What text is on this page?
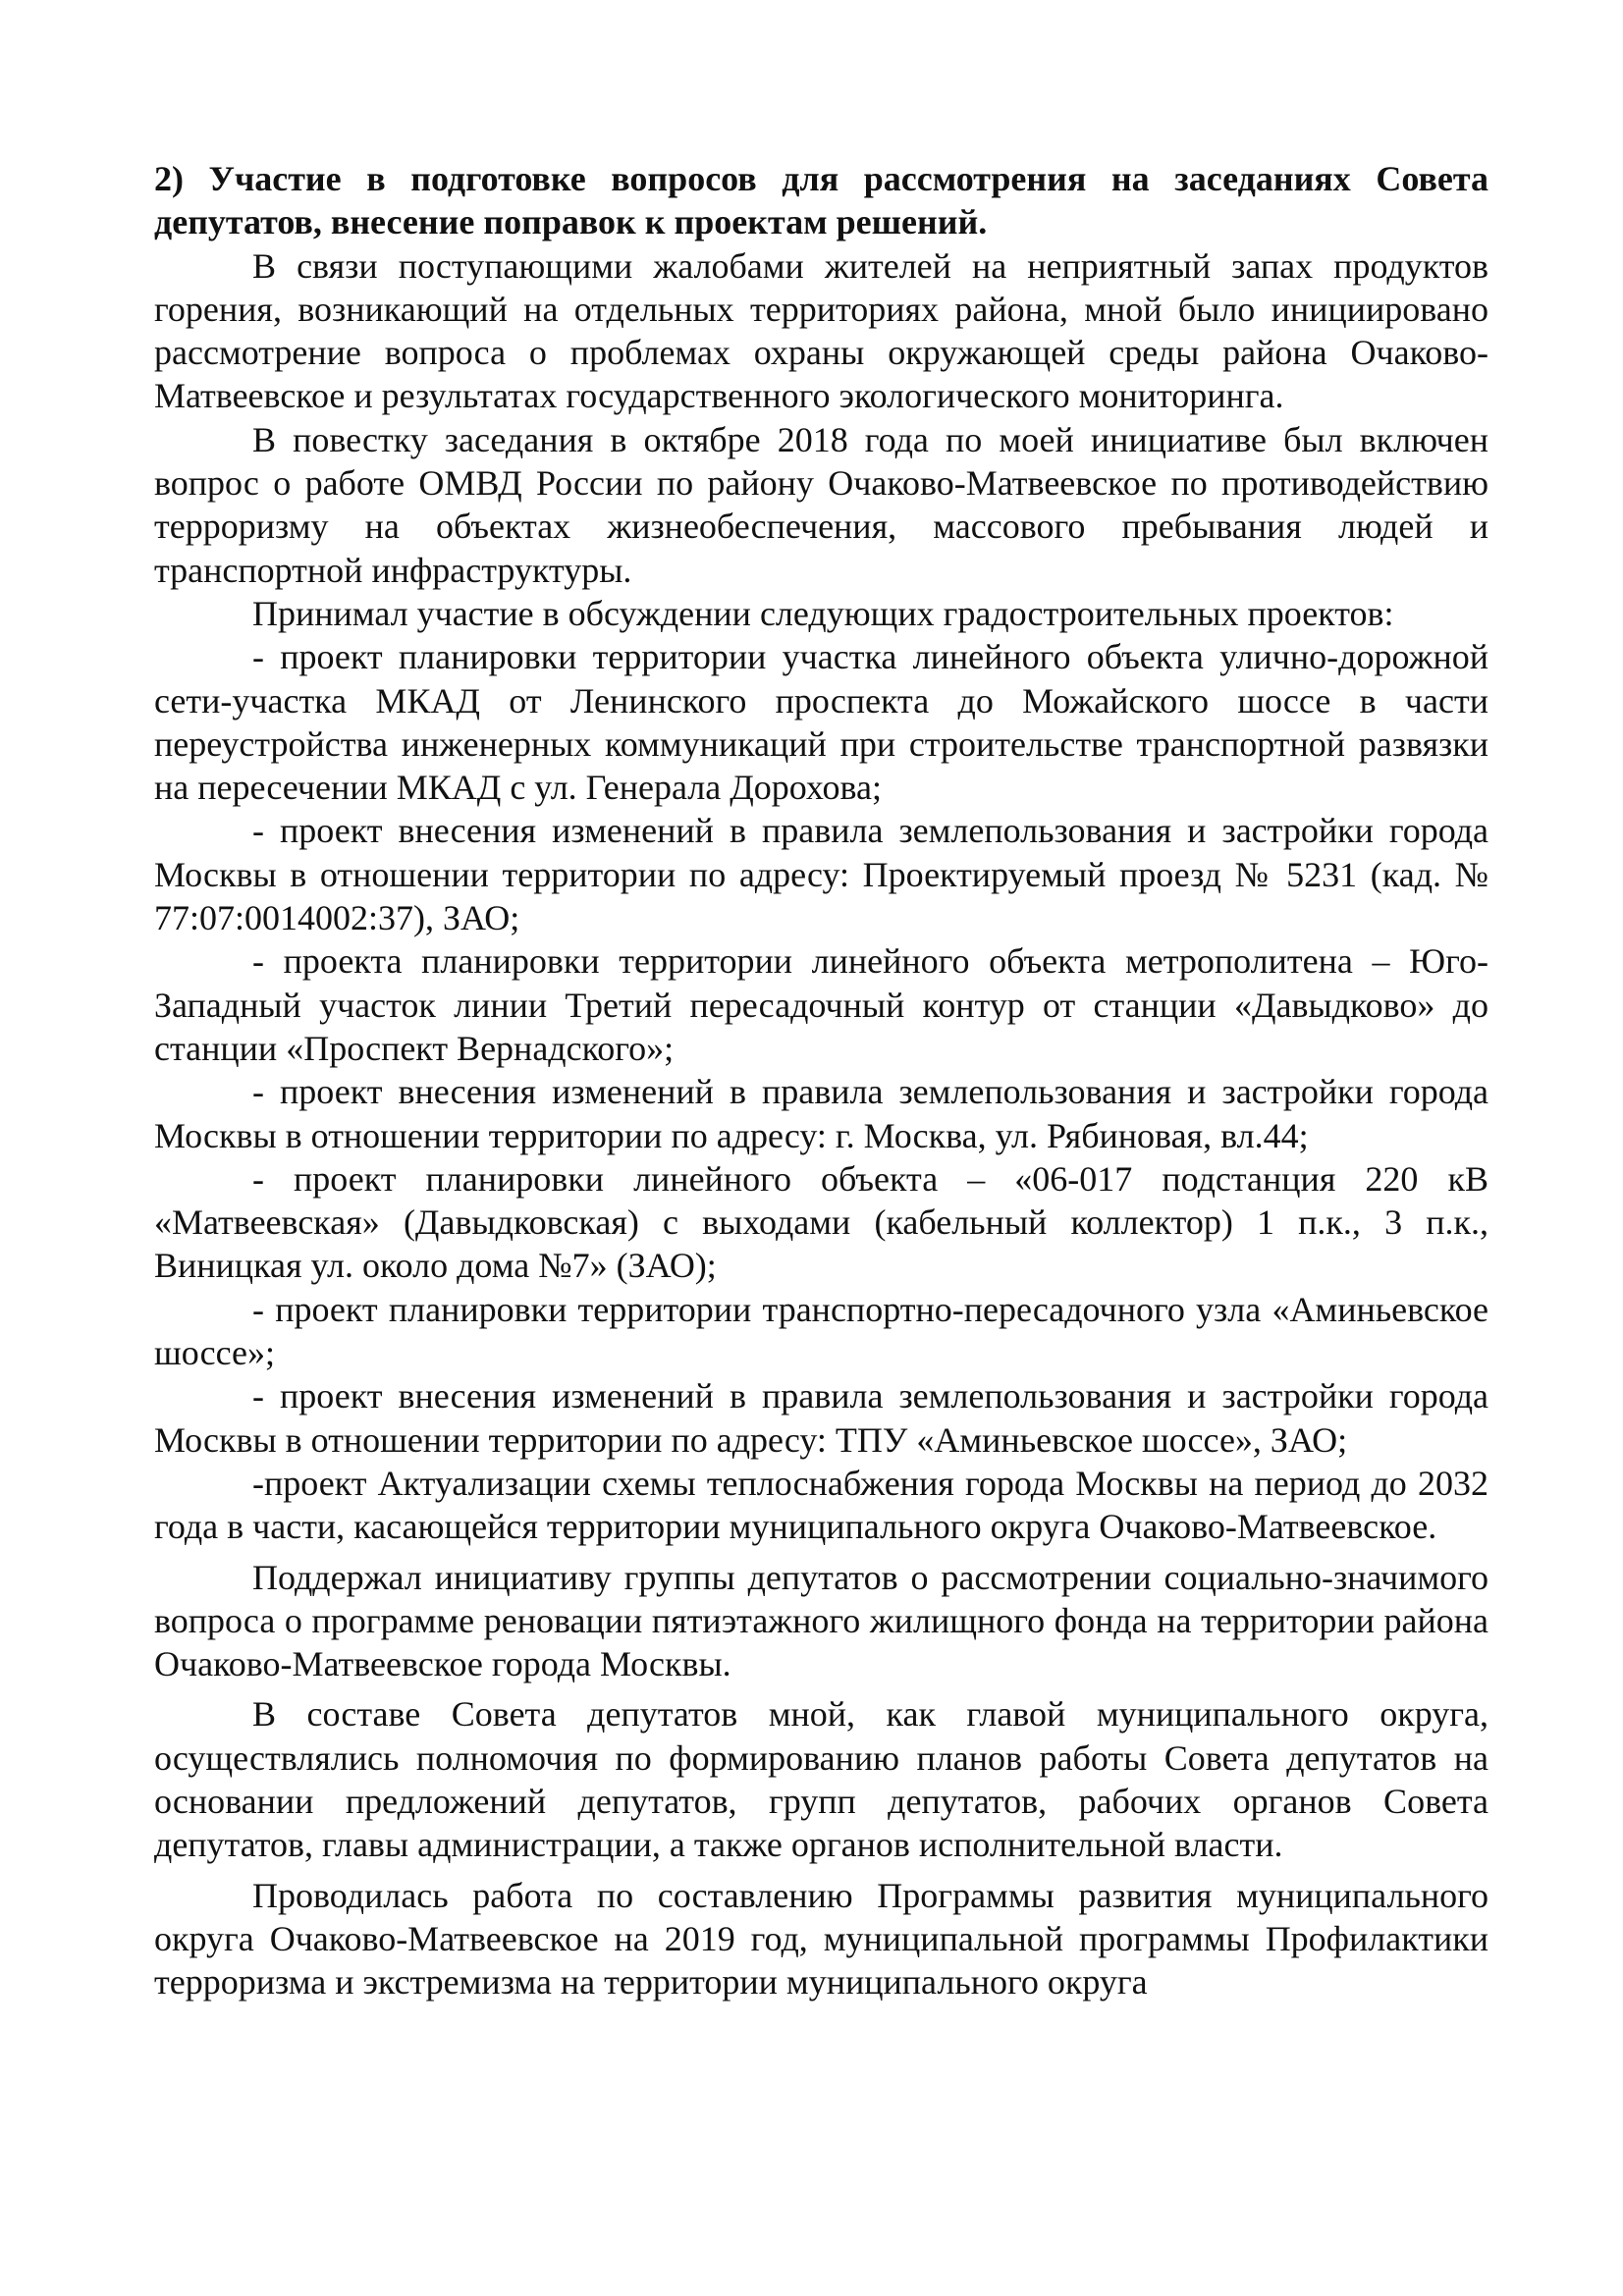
2) Участие в подготовке вопросов для рассмотрения на заседаниях Совета депутатов, внесение поправок к проектам решений.

В связи поступающими жалобами жителей на неприятный запах продуктов горения, возникающий на отдельных территориях района, мной было инициировано рассмотрение вопроса о проблемах охраны окружающей среды района Очаково-Матвеевское и результатах государственного экологического мониторинга.

В повестку заседания в октябре 2018 года по моей инициативе был включен вопрос о работе ОМВД России по району Очаково-Матвеевское по противодействию терроризму на объектах жизнеобеспечения, массового пребывания людей и транспортной инфраструктуры.

Принимал участие в обсуждении следующих градостроительных проектов:

- проект планировки территории участка линейного объекта улично-дорожной сети-участка МКАД от Ленинского проспекта до Можайского шоссе в части переустройства инженерных коммуникаций при строительстве транспортной развязки на пересечении МКАД с ул. Генерала Дорохова;

- проект внесения изменений в правила землепользования и застройки города Москвы в отношении территории по адресу: Проектируемый проезд № 5231 (кад. № 77:07:0014002:37), ЗАО;

- проекта планировки территории линейного объекта метрополитена – Юго-Западный участок линии Третий пересадочный контур от станции «Давыдково» до станции «Проспект Вернадского»;

- проект внесения изменений в правила землепользования и застройки города Москвы в отношении территории по адресу: г. Москва, ул. Рябиновая, вл.44;

- проект планировки линейного объекта – «06-017 подстанция 220 кВ «Матвеевская» (Давыдковская) с выходами (кабельный коллектор) 1 п.к., 3 п.к., Виницкая ул. около дома №7» (ЗАО);

- проект планировки территории транспортно-пересадочного узла «Аминьевское шоссе»;

- проект внесения изменений в правила землепользования и застройки города Москвы в отношении территории по адресу: ТПУ «Аминьевское шоссе», ЗАО;

-проект Актуализации схемы теплоснабжения города Москвы на период до 2032 года в части, касающейся территории муниципального округа Очаково-Матвеевское.

Поддержал инициативу группы депутатов о рассмотрении социально-значимого вопроса о программе реновации пятиэтажного жилищного фонда на территории района Очаково-Матвеевское города Москвы.

В составе Совета депутатов мной, как главой муниципального округа, осуществлялись полномочия по формированию планов работы Совета депутатов на основании предложений депутатов, групп депутатов, рабочих органов Совета депутатов, главы администрации, а также органов исполнительной власти.

Проводилась работа по составлению Программы развития муниципального округа Очаково-Матвеевское на 2019 год, муниципальной программы Профилактики терроризма и экстремизма на территории муниципального округа
